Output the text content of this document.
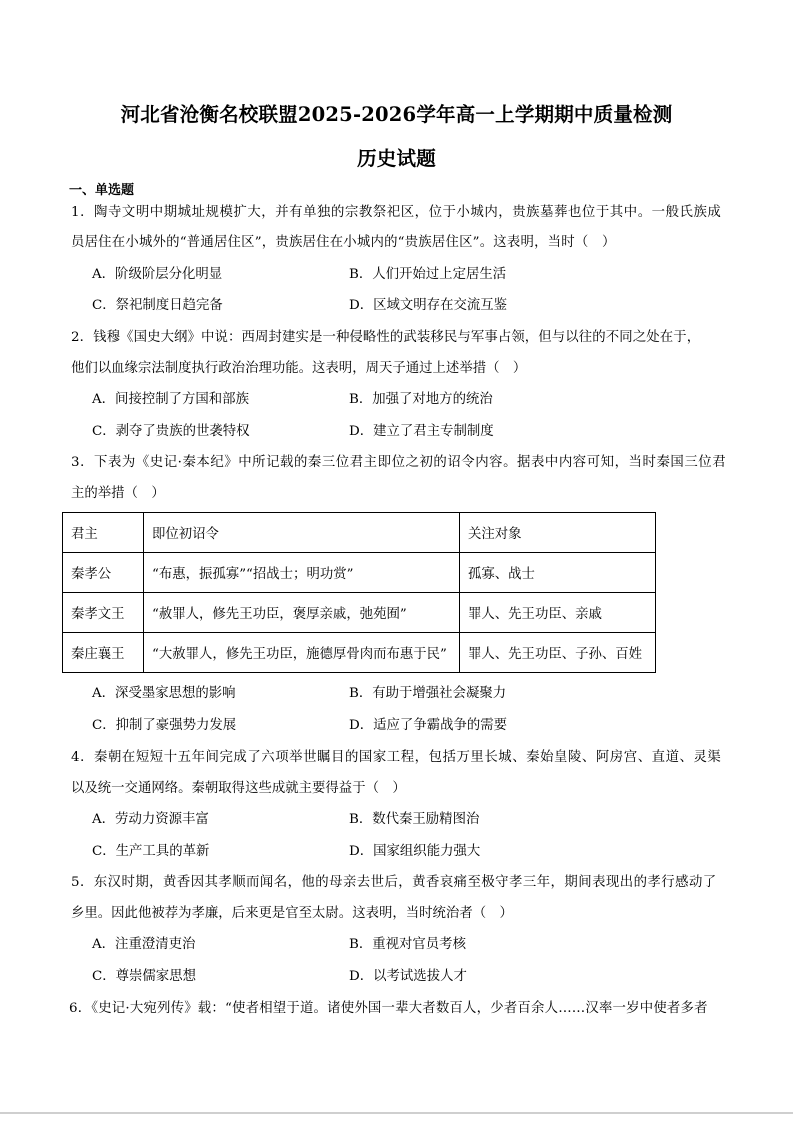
河北省沧衡名校联盟2025-2026学年高一上学期期中质量检测
历史试题
一、单选题
1．陶寺文明中期城址规模扩大，并有单独的宗教祭祀区，位于小城内，贵族墓葬也位于其中。一般氏族成
员居住在小城外的“普通居住区”，贵族居住在小城内的“贵族居住区”。这表明，当时（　）
A．阶级阶层分化明显	B．人们开始过上定居生活
C．祭祀制度日趋完备	D．区域文明存在交流互鉴
2．钱穆《国史大纲》中说：西周封建实是一种侵略性的武装移民与军事占领，但与以往的不同之处在于，
他们以血缘宗法制度执行政治治理功能。这表明，周天子通过上述举措（　）
A．间接控制了方国和部族	B．加强了对地方的统治
C．剥夺了贵族的世袭特权	D．建立了君主专制制度
3．下表为《史记·秦本纪》中所记载的秦三位君主即位之初的诏令内容。据表中内容可知，当时秦国三位君
主的举措（　）
君主	即位初诏令	关注对象
秦孝公	“布惠，振孤寡”“招战士；明功赏”	孤寡、战士
秦孝文王	“赦罪人，修先王功臣，褒厚亲戚，弛苑囿”	罪人、先王功臣、亲戚
秦庄襄王	“大赦罪人，修先王功臣，施德厚骨肉而布惠于民”	罪人、先王功臣、子孙、百姓
A．深受墨家思想的影响	B．有助于增强社会凝聚力
C．抑制了豪强势力发展	D．适应了争霸战争的需要
4．秦朝在短短十五年间完成了六项举世瞩目的国家工程，包括万里长城、秦始皇陵、阿房宫、直道、灵渠
以及统一交通网络。秦朝取得这些成就主要得益于（　）
A．劳动力资源丰富	B．数代秦王励精图治
C．生产工具的革新	D．国家组织能力强大
5．东汉时期，黄香因其孝顺而闻名，他的母亲去世后，黄香哀痛至极守孝三年，期间表现出的孝行感动了
乡里。因此他被荐为孝廉，后来更是官至太尉。这表明，当时统治者（　）
A．注重澄清吏治	B．重视对官员考核
C．尊崇儒家思想	D．以考试选拔人才
6．《史记·大宛列传》载：“使者相望于道。诸使外国一辈大者数百人，少者百余人……汉率一岁中使者多者
